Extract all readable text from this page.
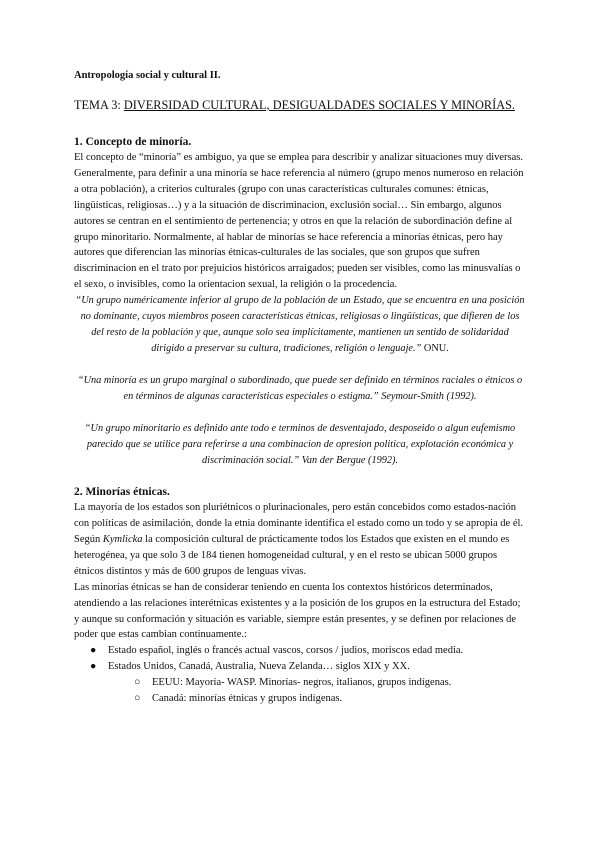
Antropología social y cultural II.
TEMA 3: DIVERSIDAD CULTURAL, DESIGUALDADES SOCIALES Y MINORÍAS.
1. Concepto de minoría.

El concepto de “minoría” es ambiguo, ya que se emplea para describir y analizar situaciones muy diversas. Generalmente, para definir a una minoría se hace referencia al número (grupo menos numeroso en relación a otra población), a criterios culturales (grupo con unas características culturales comunes: étnicas, lingüísticas, religiosas…) y a la situación de discriminacion, exclusión social… Sin embargo, algunos autores se centran en el sentimiento de pertenencia; y otros en que la relación de subordinación define al grupo minoritario. Normalmente, al hablar de minorías se hace referencia a minorías étnicas, pero hay autores que diferencian las minorías étnicas-culturales de las sociales, que son grupos que sufren discriminacion en el trato por prejuicios históricos arraigados; pueden ser visibles, como las minusvalías o el sexo, o invisibles, como la orientacion sexual, la religión o la procedencia.

“Un grupo numéricamente inferior al grupo de la población de un Estado, que se encuentra en una posición no dominante, cuyos miembros poseen características étnicas, religiosas o lingüísticas, que difieren de los del resto de la población y que, aunque solo sea implícitamente, mantienen un sentido de solidaridad dirigido a preservar su cultura, tradiciones, religión o lenguaje.” ONU.

“Una minoría es un grupo marginal o subordinado, que puede ser definido en términos raciales o étnicos o en términos de algunas características especiales o estigma.” Seymour-Smith (1992).

“Un grupo minoritario es definido ante todo e terminos de desventajado, desposeido o algun eufemismo parecido que se utilice para referirse a una combinacion de opresion politica, explotación económica y discriminación social.” Van der Bergue (1992).

2. Minorías étnicas.

La mayoría de los estados son pluriétnicos o plurinacionales, pero están concebidos como estados-nación con políticas de asimilación, donde la etnia dominante identifica el estado como un todo y se apropia de él. Según Kymlicka la composición cultural de prácticamente todos los Estados que existen en el mundo es heterogénea, ya que solo 3 de 184 tienen homogeneidad cultural, y en el resto se ubican 5000 grupos étnicos distintos y más de 600 grupos de lenguas vivas.

Las minorías étnicas se han de considerar teniendo en cuenta los contextos históricos determinados, atendiendo a las relaciones interétnicas existentes y a la posición de los grupos en la estructura del Estado; y aunque su conformación y situación es variable, siempre están presentes, y se definen por relaciones de poder que estas cambian continuamente.:

● Estado español, inglés o francés actual vascos, corsos / judios, moriscos edad media.
● Estados Unidos, Canadá, Australia, Nueva Zelanda… siglos XIX y XX.
○ EEUU: Mayoría- WASP. Minorías- negros, italianos, grupos indígenas.
○ Canadá: minorías étnicas y grupos indígenas.
